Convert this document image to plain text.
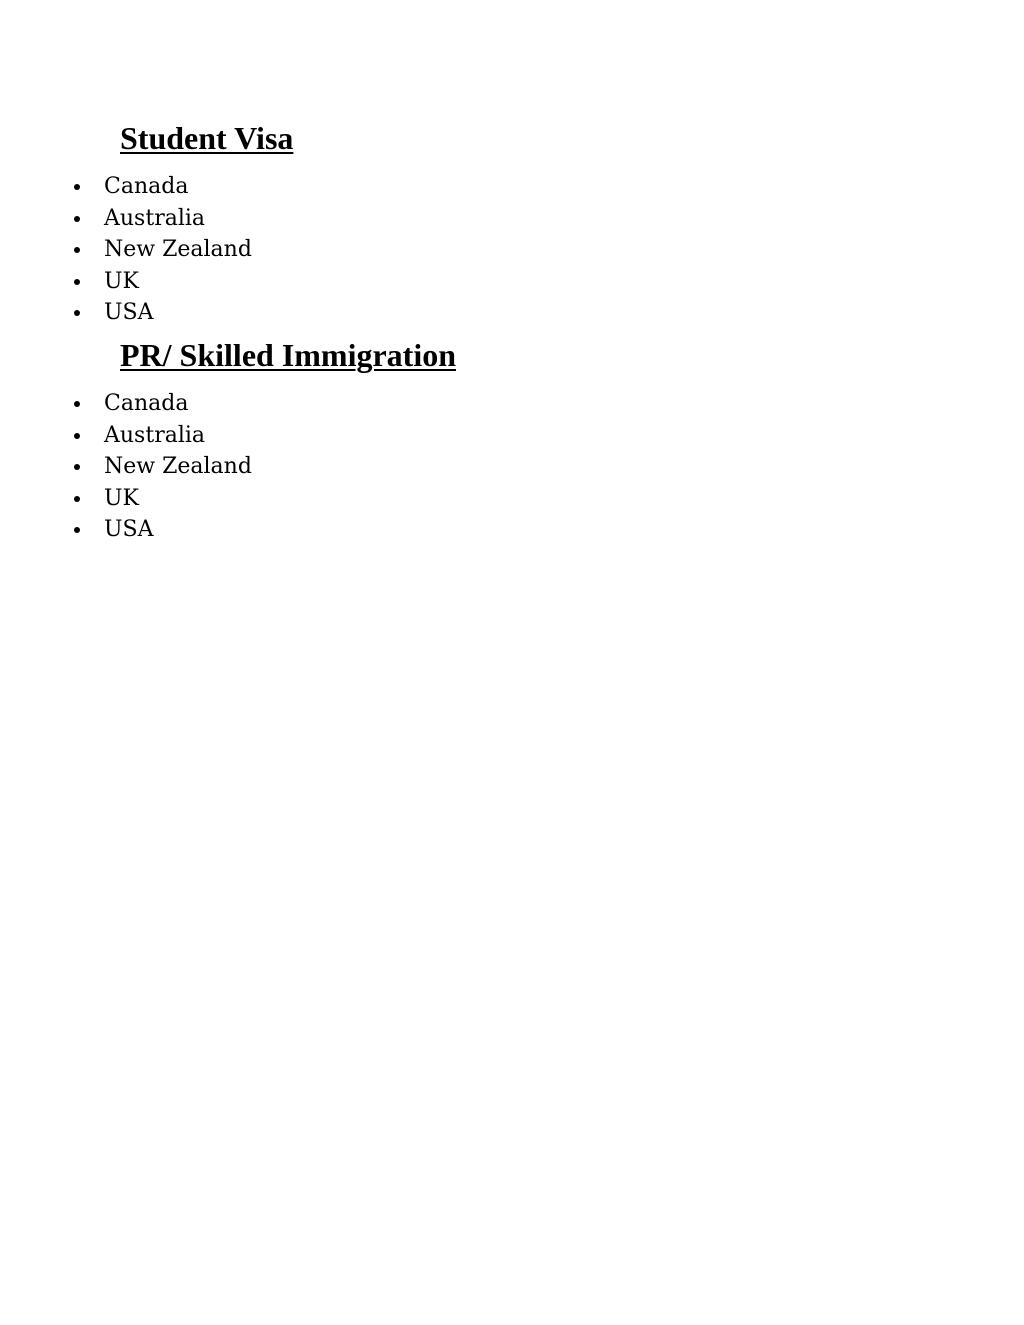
Student Visa
Canada
Australia
New Zealand
UK
USA
PR/ Skilled Immigration
Canada
Australia
New Zealand
UK
USA
